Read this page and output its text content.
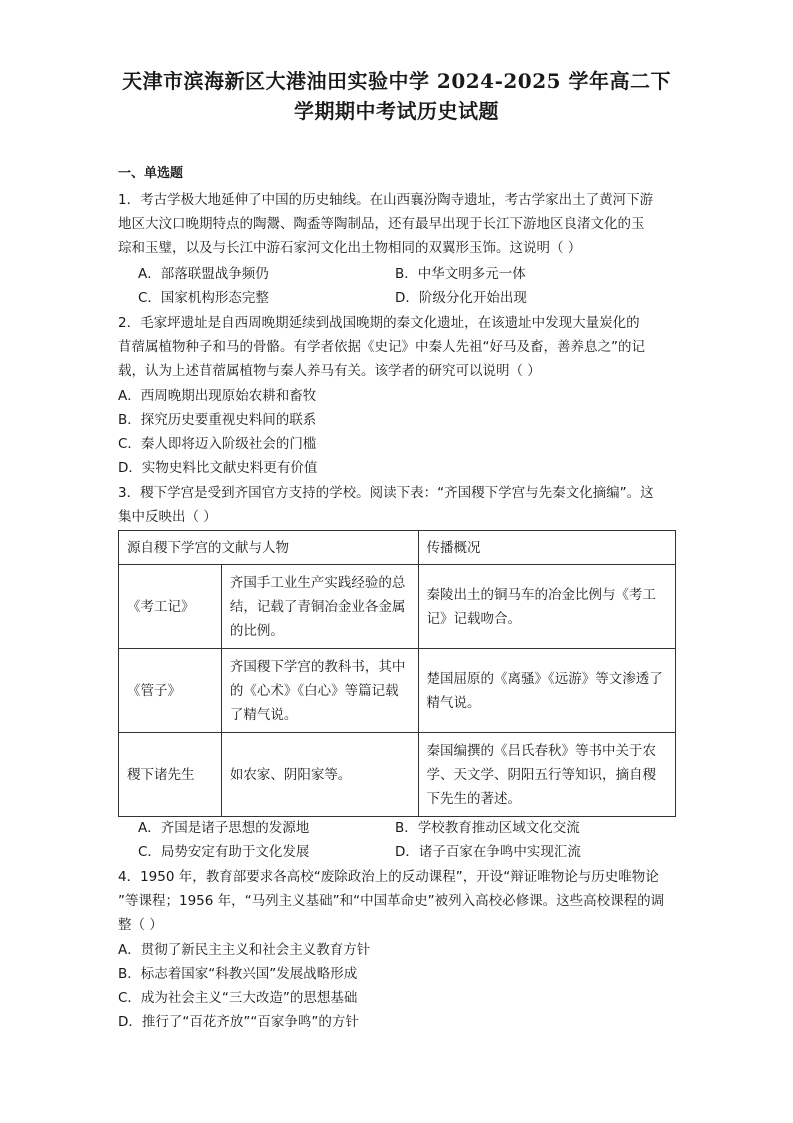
天津市滨海新区大港油田实验中学 2024-2025 学年高二下
学期期中考试历史试题
一、单选题
1．考古学极大地延伸了中国的历史轴线。在山西襄汾陶寺遗址，考古学家出土了黄河下游
地区大汶口晚期特点的陶鬶、陶盉等陶制品，还有最早出现于长江下游地区良渚文化的玉
琮和玉璧，以及与长江中游石家河文化出土物相同的双翼形玉饰。这说明（ ）
A．部落联盟战争频仍	B．中华文明多元一体
C．国家机构形态完整	D．阶级分化开始出现
2．毛家坪遗址是自西周晚期延续到战国晚期的秦文化遗址，在该遗址中发现大量炭化的
苜蓿属植物种子和马的骨骼。有学者依据《史记》中秦人先祖“好马及畜，善养息之”的记
载，认为上述苜蓿属植物与秦人养马有关。该学者的研究可以说明（ ）
A．西周晚期出现原始农耕和畜牧
B．探究历史要重视史料间的联系
C．秦人即将迈入阶级社会的门槛
D．实物史料比文献史料更有价值
3．稷下学宫是受到齐国官方支持的学校。阅读下表：“齐国稷下学宫与先秦文化摘编”。这
集中反映出（ ）
源自稷下学宫的文献与人物		传播概况
《考工记》	齐国手工业生产实践经验的总结，记载了青铜冶金业各金属的比例。	秦陵出土的铜马车的冶金比例与《考工记》记载吻合。
《管子》	齐国稷下学宫的教科书，其中的《心术》《白心》等篇记载了精气说。	楚国屈原的《离骚》《远游》等文渗透了精气说。
稷下诸先生	如农家、阴阳家等。	秦国编撰的《吕氏春秋》等书中关于农学、天文学、阴阳五行等知识，摘自稷下先生的著述。
A．齐国是诸子思想的发源地	B．学校教育推动区域文化交流
C．局势安定有助于文化发展	D．诸子百家在争鸣中实现汇流
4．1950 年，教育部要求各高校“废除政治上的反动课程”，开设“辩证唯物论与历史唯物论
”等课程；1956 年，“马列主义基础”和“中国革命史”被列入高校必修课。这些高校课程的调
整（ ）
A．贯彻了新民主主义和社会主义教育方针
B．标志着国家“科教兴国”发展战略形成
C．成为社会主义“三大改造”的思想基础
D．推行了“百花齐放”“百家争鸣”的方针
